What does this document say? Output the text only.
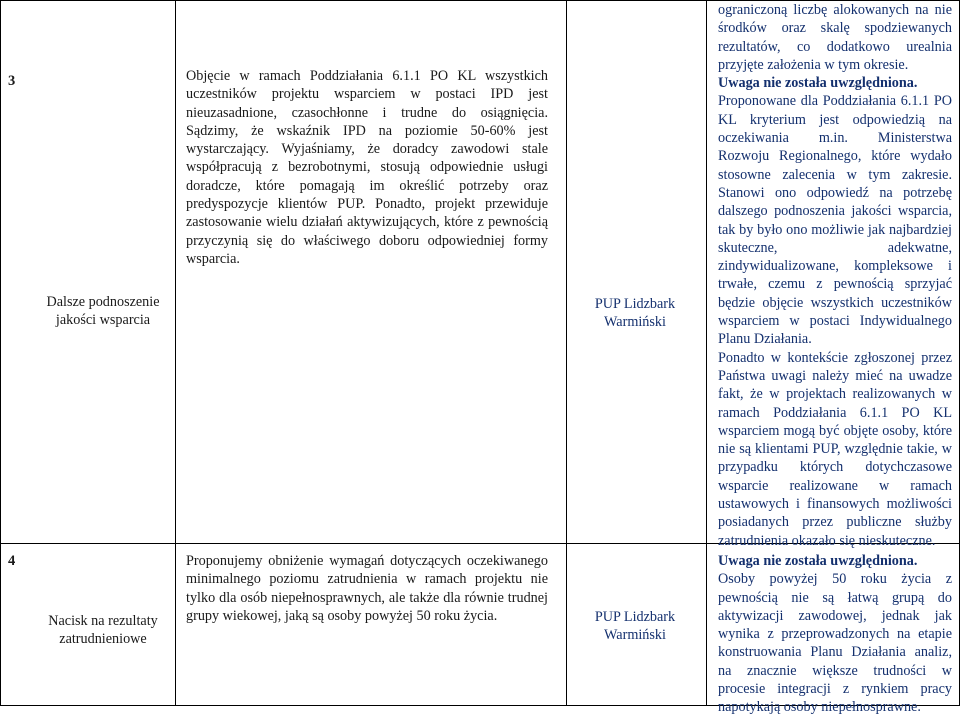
3
Dalsze podnoszenie jakości wsparcia
Objęcie w ramach Poddziałania 6.1.1 PO KL wszystkich uczestników projektu wsparciem w postaci IPD jest nieuzasadnione, czasochłonne i trudne do osiągnięcia. Sądzimy, że wskaźnik IPD na poziomie 50-60% jest wystarczający. Wyjaśniamy, że doradcy zawodowi stale współpracują z bezrobotnymi, stosują odpowiednie usługi doradcze, które pomagają im określić potrzeby oraz predyspozycje klientów PUP. Ponadto, projekt przewiduje zastosowanie wielu działań aktywizujących, które z pewnością przyczynią się do właściwego doboru odpowiedniej formy wsparcia.
PUP Lidzbark Warmiński

ograniczoną liczbę alokowanych na nie środków oraz skalę spodziewanych rezultatów, co dodatkowo urealnia przyjęte założenia w tym okresie.

Uwaga nie została uwzględniona.

Proponowane dla Poddziałania 6.1.1 PO KL kryterium jest odpowiedzią na oczekiwania m.in. Ministerstwa Rozwoju Regionalnego, które wydało stosowne zalecenia w tym zakresie. Stanowi ono odpowiedź na potrzebę dalszego podnoszenia jakości wsparcia, tak by było ono możliwie jak najbardziej skuteczne, adekwatne, zindywidualizowane, kompleksowe i trwałe, czemu z pewnością sprzyjać będzie objęcie wszystkich uczestników wsparciem w postaci Indywidualnego Planu Działania.

Ponadto w kontekście zgłoszonej przez Państwa uwagi należy mieć na uwadze fakt, że w projektach realizowanych w ramach Poddziałania 6.1.1 PO KL wsparciem mogą być objęte osoby, które nie są klientami PUP, względnie takie, w przypadku których dotychczasowe wsparcie realizowane w ramach ustawowych i finansowych możliwości posiadanych przez publiczne służby zatrudnienia okazało się nieskuteczne.

4
Nacisk na rezultaty zatrudnieniowe
Proponujemy obniżenie wymagań dotyczących oczekiwanego minimalnego poziomu zatrudnienia w ramach projektu nie tylko dla osób niepełnosprawnych, ale także dla równie trudnej grupy wiekowej, jaką są osoby powyżej 50 roku życia.	PUP Lidzbark Warmiński

Uwaga nie została uwzględniona.

Osoby powyżej 50 roku życia z pewnością nie są łatwą grupą do aktywizacji zawodowej, jednak jak wynika z przeprowadzonych na etapie konstruowania Planu Działania analiz, na znacznie większe trudności w procesie integracji z rynkiem pracy napotykają osoby niepełnosprawne.
